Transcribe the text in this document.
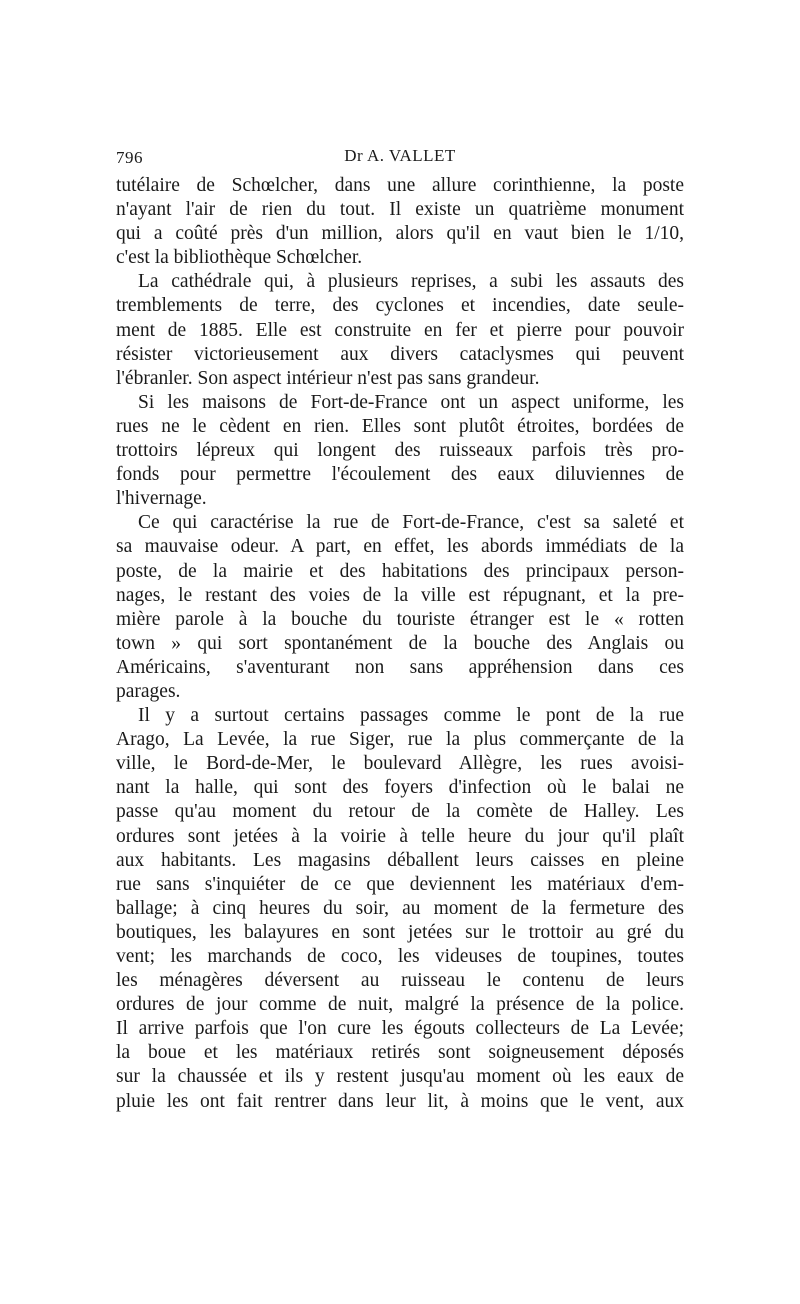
796	Dr A. VALLET
tutélaire de Schœlcher, dans une allure corinthienne, la poste
n'ayant l'air de rien du tout. Il existe un quatrième monument
qui a coûté près d'un million, alors qu'il en vaut bien le 1/10,
c'est la bibliothèque Schœlcher.
La cathédrale qui, à plusieurs reprises, a subi les assauts des
tremblements de terre, des cyclones et incendies, date seule-
ment de 1885. Elle est construite en fer et pierre pour pouvoir
résister victorieusement aux divers cataclysmes qui peuvent
l'ébranler. Son aspect intérieur n'est pas sans grandeur.
Si les maisons de Fort-de-France ont un aspect uniforme, les
rues ne le cèdent en rien. Elles sont plutôt étroites, bordées de
trottoirs lépreux qui longent des ruisseaux parfois très pro-
fonds pour permettre l'écoulement des eaux diluviennes de
l'hivernage.
Ce qui caractérise la rue de Fort-de-France, c'est sa saleté et
sa mauvaise odeur. A part, en effet, les abords immédiats de la
poste, de la mairie et des habitations des principaux person-
nages, le restant des voies de la ville est répugnant, et la pre-
mière parole à la bouche du touriste étranger est le « rotten
town » qui sort spontanément de la bouche des Anglais ou
Américains, s'aventurant non sans appréhension dans ces
parages.
Il y a surtout certains passages comme le pont de la rue
Arago, La Levée, la rue Siger, rue la plus commerçante de la
ville, le Bord-de-Mer, le boulevard Allègre, les rues avoisi-
nant la halle, qui sont des foyers d'infection où le balai ne
passe qu'au moment du retour de la comète de Halley. Les
ordures sont jetées à la voirie à telle heure du jour qu'il plaît
aux habitants. Les magasins déballent leurs caisses en pleine
rue sans s'inquiéter de ce que deviennent les matériaux d'em-
ballage; à cinq heures du soir, au moment de la fermeture des
boutiques, les balayures en sont jetées sur le trottoir au gré du
vent; les marchands de coco, les videuses de toupines, toutes
les ménagères déversent au ruisseau le contenu de leurs
ordures de jour comme de nuit, malgré la présence de la police.
Il arrive parfois que l'on cure les égouts collecteurs de La Levée;
la boue et les matériaux retirés sont soigneusement déposés
sur la chaussée et ils y restent jusqu'au moment où les eaux de
pluie les ont fait rentrer dans leur lit, à moins que le vent, aux
